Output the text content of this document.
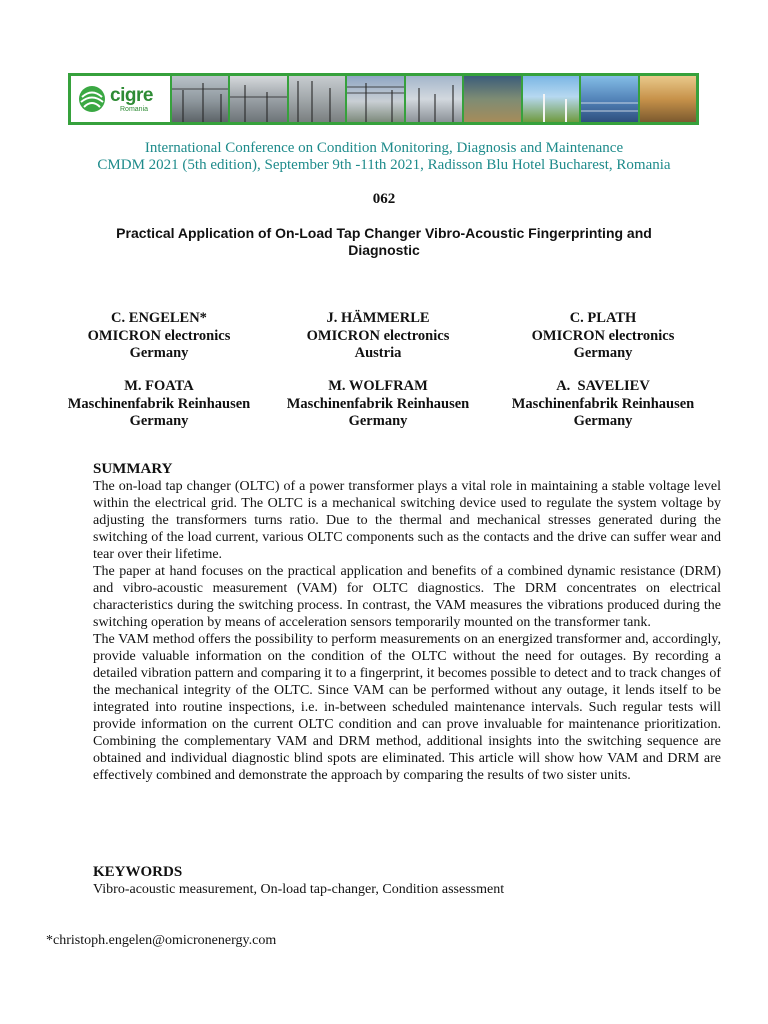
cigre
Romania
International Conference on Condition Monitoring, Diagnosis and Maintenance
CMDM 2021 (5th edition), September 9th -11th 2021, Radisson Blu Hotel Bucharest, Romania
062
Practical Application of On-Load Tap Changer Vibro-Acoustic Fingerprinting and Diagnostic
C. ENGELEN*
OMICRON electronics
Germany
J. HÄMMERLE
OMICRON electronics
Austria
C. PLATH
OMICRON electronics
Germany
M. FOATA
Maschinenfabrik Reinhausen
Germany
M. WOLFRAM
Maschinenfabrik Reinhausen
Germany
A.  SAVELIEV
Maschinenfabrik Reinhausen
Germany
SUMMARY

The on-load tap changer (OLTC) of a power transformer plays a vital role in maintaining a stable voltage level within the electrical grid. The OLTC is a mechanical switching device used to regulate the system voltage by adjusting the transformers turns ratio. Due to the thermal and mechanical stresses generated during the switching of the load current, various OLTC components such as the contacts and the drive can suffer wear and tear over their lifetime.

The paper at hand focuses on the practical application and benefits of a combined dynamic resistance (DRM) and vibro-acoustic measurement (VAM) for OLTC diagnostics. The DRM concentrates on electrical characteristics during the switching process. In contrast, the VAM measures the vibrations produced during the switching operation by means of acceleration sensors temporarily mounted on the transformer tank.

The VAM method offers the possibility to perform measurements on an energized transformer and, accordingly, provide valuable information on the condition of the OLTC without the need for outages. By recording a detailed vibration pattern and comparing it to a fingerprint, it becomes possible to detect and to track changes of the mechanical integrity of the OLTC. Since VAM can be performed without any outage, it lends itself to be integrated into routine inspections, i.e. in-between scheduled maintenance intervals. Such regular tests will provide information on the current OLTC condition and can prove invaluable for maintenance prioritization. Combining the complementary VAM and DRM method, additional insights into the switching sequence are obtained and individual diagnostic blind spots are eliminated. This article will show how VAM and DRM are effectively combined and demonstrate the approach by comparing the results of two sister units.

KEYWORDS
Vibro-acoustic measurement, On-load tap-changer, Condition assessment
*christoph.engelen@omicronenergy.com
